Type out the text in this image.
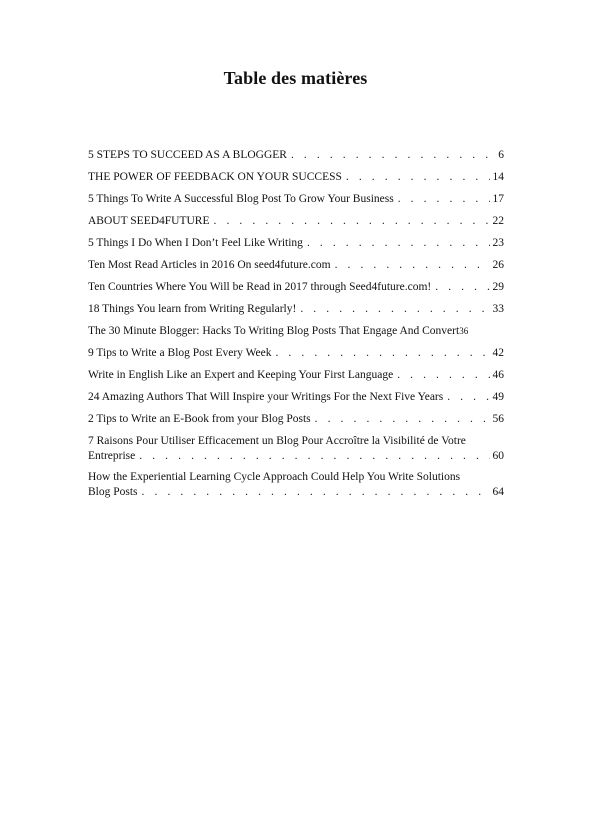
Table des matières
5 STEPS TO SUCCEED AS A BLOGGER . . .	6
THE POWER OF FEEDBACK ON YOUR SUCCESS . . .	14
5 Things To Write A Successful Blog Post To Grow Your Business . . .	17
ABOUT SEED4FUTURE . . .	22
5 Things I Do When I Don’t Feel Like Writing . . .	23
Ten Most Read Articles in 2016 On seed4future.com . . .	26
Ten Countries Where You Will be Read in 2017 through Seed4future.com! . . .	29
18 Things You learn from Writing Regularly! . . .	33
The 30 Minute Blogger: Hacks To Writing Blog Posts That Engage And Convert 36
9 Tips to Write a Blog Post Every Week . . .	42
Write in English Like an Expert and Keeping Your First Language . . .	46
24 Amazing Authors That Will Inspire your Writings For the Next Five Years . . .	49
2 Tips to Write an E-Book from your Blog Posts . . .	56
7 Raisons Pour Utiliser Efficacement un Blog Pour Accroître la Visibilité de Votre
Entreprise . . .	60
How the Experiential Learning Cycle Approach Could Help You Write Solutions
Blog Posts . . .	64
